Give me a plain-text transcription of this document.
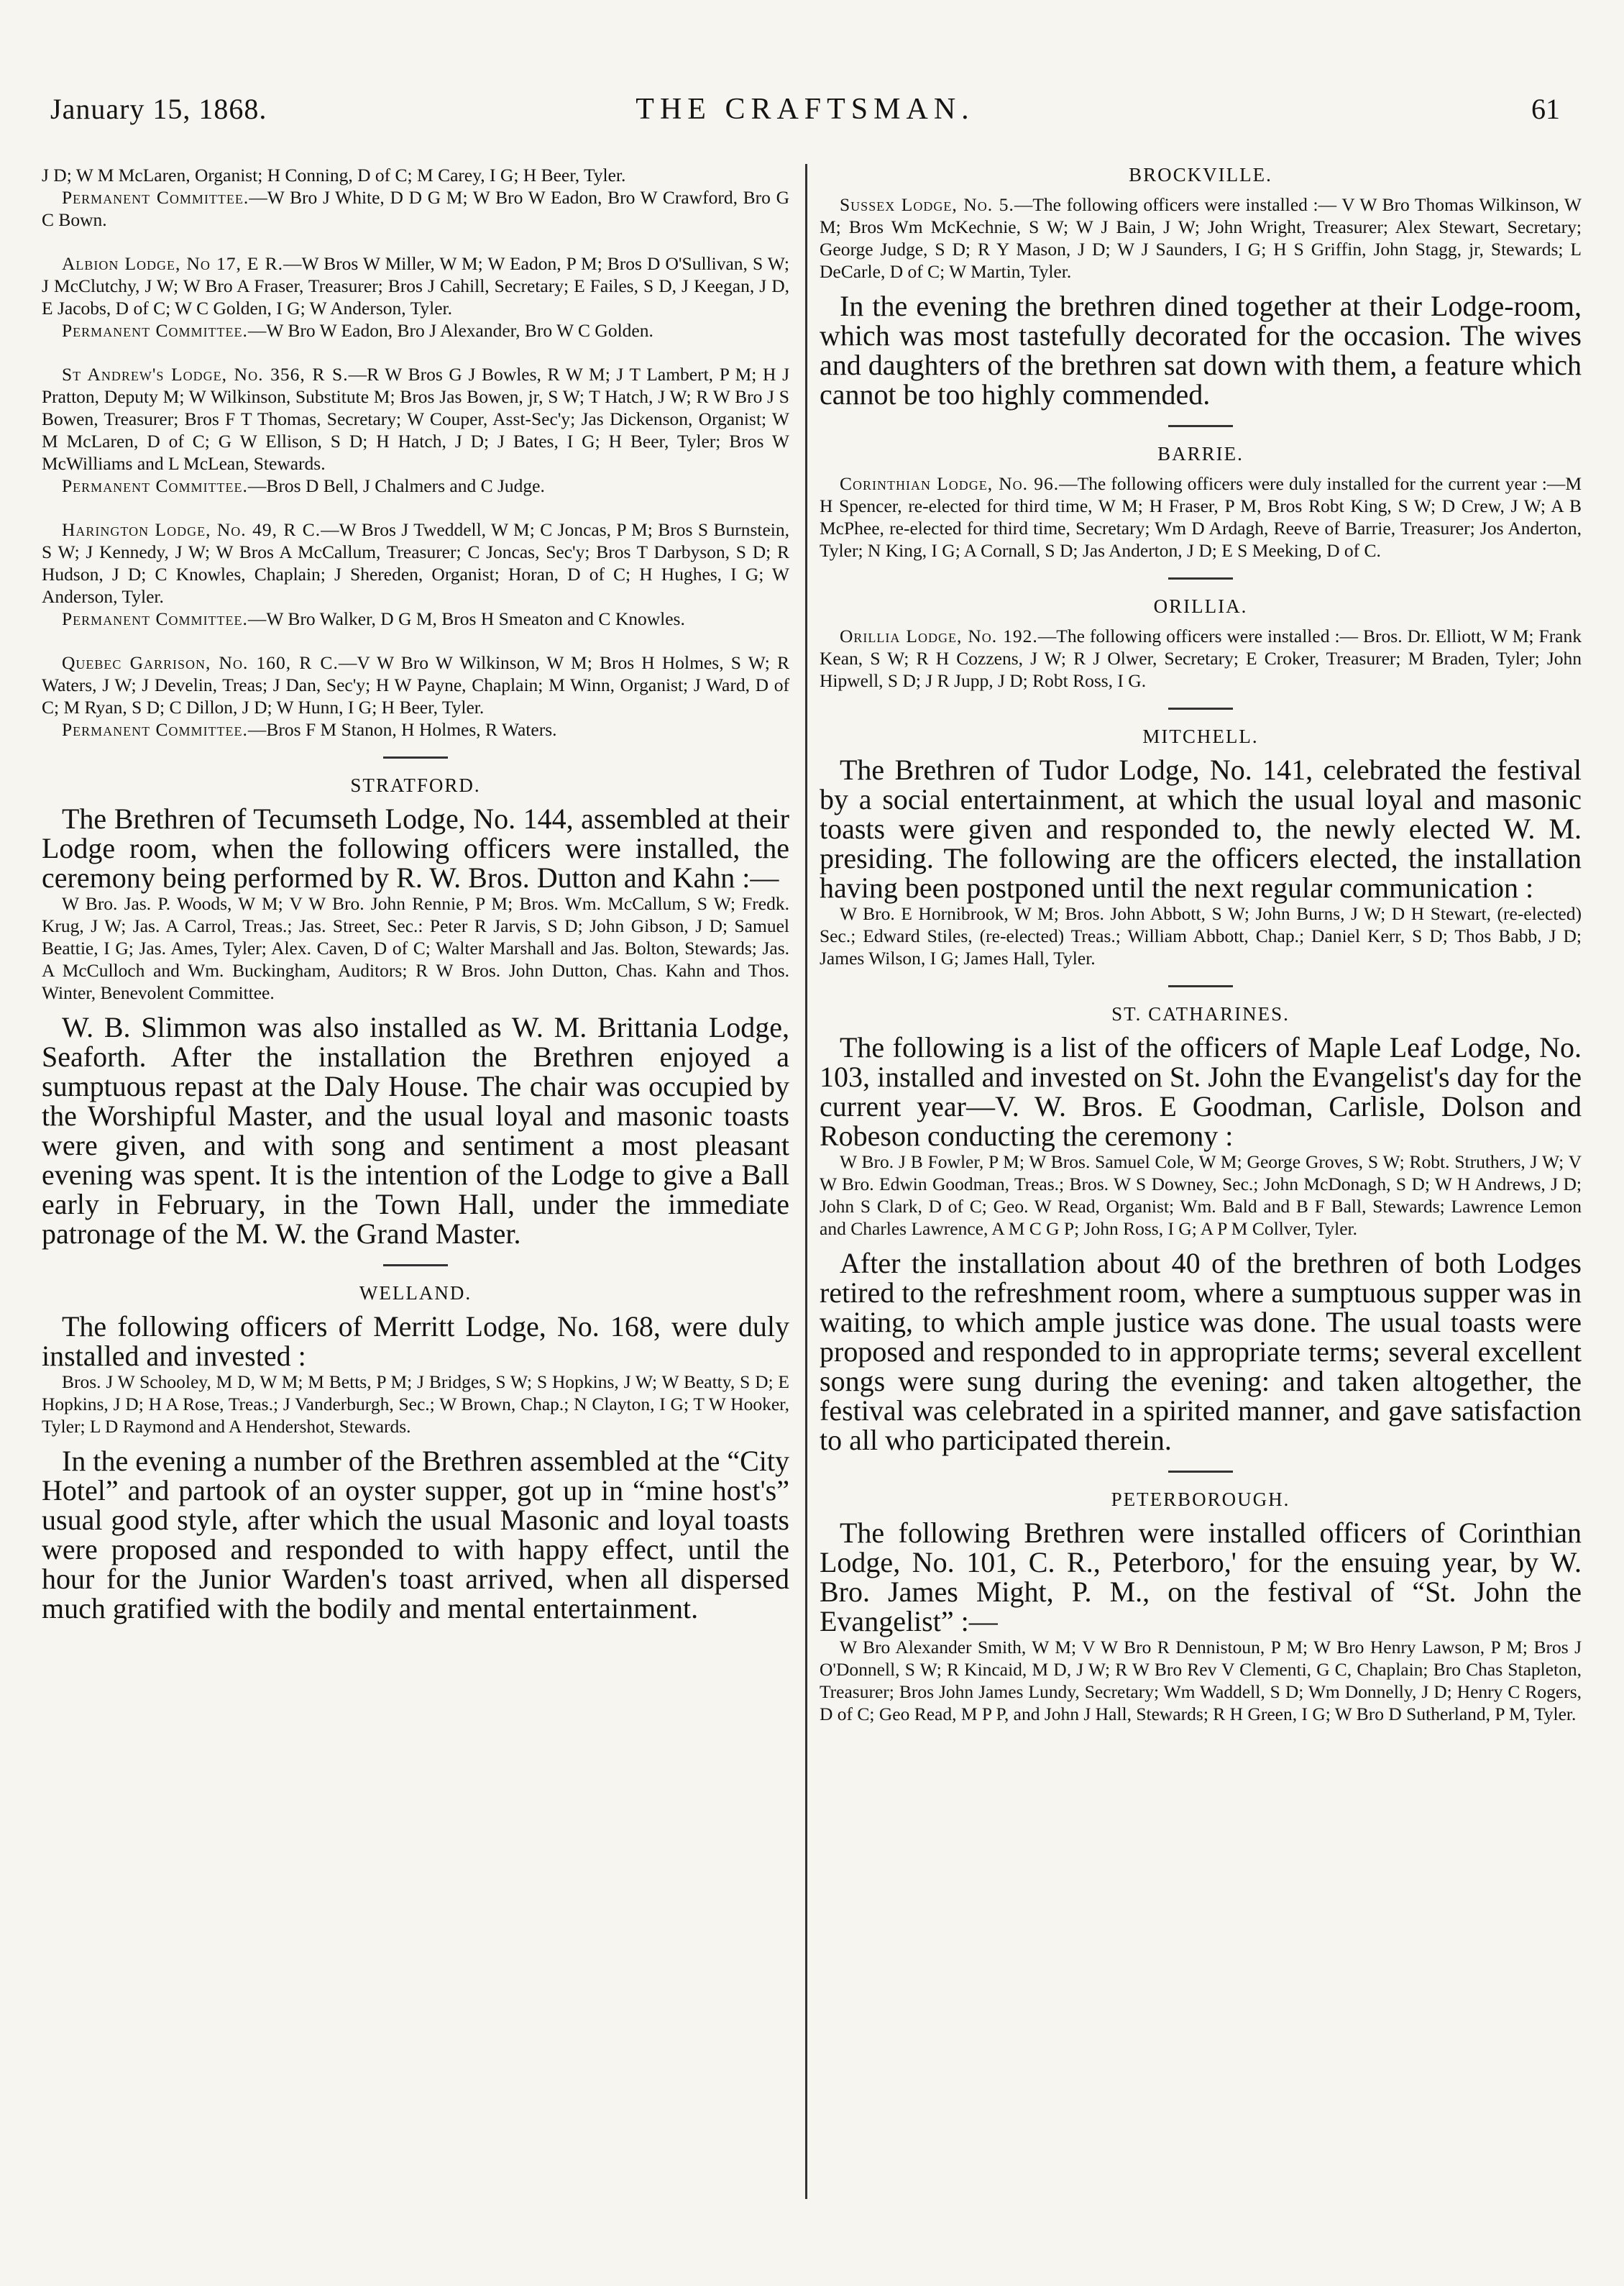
January 15, 1868.	THE CRAFTSMAN.	61

J D; W M McLaren, Organist; H Conning, D of C; M Carey, I G; H Beer, Tyler.

Permanent Committee.—W Bro J White, D D G M; W Bro W Eadon, Bro W Crawford, Bro G C Bown.

Albion Lodge, No 17, E R.—W Bros W Miller, W M; W Eadon, P M; Bros D O'Sullivan, S W; J McClutchy, J W; W Bro A Fraser, Treasurer; Bros J Cahill, Secretary; E Failes, S D, J Keegan, J D, E Jacobs, D of C; W C Golden, I G; W Anderson, Tyler.

Permanent Committee.—W Bro W Eadon, Bro J Alexander, Bro W C Golden.

St Andrew's Lodge, No. 356, R S.—R W Bros G J Bowles, R W M; J T Lambert, P M; H J Pratton, Deputy M; W Wilkinson, Substitute M; Bros Jas Bowen, jr, S W; T Hatch, J W; R W Bro J S Bowen, Treasurer; Bros F T Thomas, Secretary; W Couper, Asst-Sec'y; Jas Dickenson, Organist; W M McLaren, D of C; G W Ellison, S D; H Hatch, J D; J Bates, I G; H Beer, Tyler; Bros W McWilliams and L McLean, Stewards.

Permanent Committee.—Bros D Bell, J Chalmers and C Judge.

Harington Lodge, No. 49, R C.—W Bros J Tweddell, W M; C Joncas, P M; Bros S Burnstein, S W; J Kennedy, J W; W Bros A McCallum, Treasurer; C Joncas, Sec'y; Bros T Darbyson, S D; R Hudson, J D; C Knowles, Chaplain; J Shereden, Organist; Horan, D of C; H Hughes, I G; W Anderson, Tyler.

Permanent Committee.—W Bro Walker, D G M, Bros H Smeaton and C Knowles.

Quebec Garrison, No. 160, R C.—V W Bro W Wilkinson, W M; Bros H Holmes, S W; R Waters, J W; J Develin, Treas; J Dan, Sec'y; H W Payne, Chaplain; M Winn, Organist; J Ward, D of C; M Ryan, S D; C Dillon, J D; W Hunn, I G; H Beer, Tyler.

Permanent Committee.—Bros F M Stanon, H Holmes, R Waters.

STRATFORD.

The Brethren of Tecumseth Lodge, No. 144, assembled at their Lodge room, when the following officers were installed, the ceremony being performed by R. W. Bros. Dutton and Kahn :—

W Bro. Jas. P. Woods, W M; V W Bro. John Rennie, P M; Bros. Wm. McCallum, S W; Fredk. Krug, J W; Jas. A Carrol, Treas.; Jas. Street, Sec.: Peter R Jarvis, S D; John Gibson, J D; Samuel Beattie, I G; Jas. Ames, Tyler; Alex. Caven, D of C; Walter Marshall and Jas. Bolton, Stewards; Jas. A McCulloch and Wm. Buckingham, Auditors; R W Bros. John Dutton, Chas. Kahn and Thos. Winter, Benevolent Committee.

W. B. Slimmon was also installed as W. M. Brittania Lodge, Seaforth. After the installation the Brethren enjoyed a sumptuous repast at the Daly House. The chair was occupied by the Worshipful Master, and the usual loyal and masonic toasts were given, and with song and sentiment a most pleasant evening was spent. It is the intention of the Lodge to give a Ball early in February, in the Town Hall, under the immediate patronage of the M. W. the Grand Master.

WELLAND.

The following officers of Merritt Lodge, No. 168, were duly installed and invested :

Bros. J W Schooley, M D, W M; M Betts, P M; J Bridges, S W; S Hopkins, J W; W Beatty, S D; E Hopkins, J D; H A Rose, Treas.; J Vanderburgh, Sec.; W Brown, Chap.; N Clayton, I G; T W Hooker, Tyler; L D Raymond and A Hendershot, Stewards.

In the evening a number of the Brethren assembled at the “City Hotel” and partook of an oyster supper, got up in “mine host's” usual good style, after which the usual Masonic and loyal toasts were proposed and responded to with happy effect, until the hour for the Junior Warden's toast arrived, when all dispersed much gratified with the bodily and mental entertainment.

BROCKVILLE.

Sussex Lodge, No. 5.—The following officers were installed :— V W Bro Thomas Wilkinson, W M; Bros Wm McKechnie, S W; W J Bain, J W; John Wright, Treasurer; Alex Stewart, Secretary; George Judge, S D; R Y Mason, J D; W J Saunders, I G; H S Griffin, John Stagg, jr, Stewards; L DeCarle, D of C; W Martin, Tyler.

In the evening the brethren dined together at their Lodge-room, which was most tastefully decorated for the occasion. The wives and daughters of the brethren sat down with them, a feature which cannot be too highly commended.

BARRIE.

Corinthian Lodge, No. 96.—The following officers were duly installed for the current year :—M H Spencer, re-elected for third time, W M; H Fraser, P M, Bros Robt King, S W; D Crew, J W; A B McPhee, re-elected for third time, Secretary; Wm D Ardagh, Reeve of Barrie, Treasurer; Jos Anderton, Tyler; N King, I G; A Cornall, S D; Jas Anderton, J D; E S Meeking, D of C.

ORILLIA.

Orillia Lodge, No. 192.—The following officers were installed :— Bros. Dr. Elliott, W M; Frank Kean, S W; R H Cozzens, J W; R J Olwer, Secretary; E Croker, Treasurer; M Braden, Tyler; John Hipwell, S D; J R Jupp, J D; Robt Ross, I G.

MITCHELL.

The Brethren of Tudor Lodge, No. 141, celebrated the festival by a social entertainment, at which the usual loyal and masonic toasts were given and responded to, the newly elected W. M. presiding. The following are the officers elected, the installation having been postponed until the next regular communication :

W Bro. E Hornibrook, W M; Bros. John Abbott, S W; John Burns, J W; D H Stewart, (re-elected) Sec.; Edward Stiles, (re-elected) Treas.; William Abbott, Chap.; Daniel Kerr, S D; Thos Babb, J D; James Wilson, I G; James Hall, Tyler.

ST. CATHARINES.

The following is a list of the officers of Maple Leaf Lodge, No. 103, installed and invested on St. John the Evangelist's day for the current year—V. W. Bros. E Goodman, Carlisle, Dolson and Robeson conducting the ceremony :

W Bro. J B Fowler, P M; W Bros. Samuel Cole, W M; George Groves, S W; Robt. Struthers, J W; V W Bro. Edwin Goodman, Treas.; Bros. W S Downey, Sec.; John McDonagh, S D; W H Andrews, J D; John S Clark, D of C; Geo. W Read, Organist; Wm. Bald and B F Ball, Stewards; Lawrence Lemon and Charles Lawrence, A M C G P; John Ross, I G; A P M Collver, Tyler.

After the installation about 40 of the brethren of both Lodges retired to the refreshment room, where a sumptuous supper was in waiting, to which ample justice was done. The usual toasts were proposed and responded to in appropriate terms; several excellent songs were sung during the evening: and taken altogether, the festival was celebrated in a spirited manner, and gave satisfaction to all who participated therein.

PETERBOROUGH.

The following Brethren were installed officers of Corinthian Lodge, No. 101, C. R., Peterboro,' for the ensuing year, by W. Bro. James Might, P. M., on the festival of “St. John the Evangelist” :—

W Bro Alexander Smith, W M; V W Bro R Dennistoun, P M; W Bro Henry Lawson, P M; Bros J O'Donnell, S W; R Kincaid, M D, J W; R W Bro Rev V Clementi, G C, Chaplain; Bro Chas Stapleton, Treasurer; Bros John James Lundy, Secretary; Wm Waddell, S D; Wm Donnelly, J D; Henry C Rogers, D of C; Geo Read, M P P, and John J Hall, Stewards; R H Green, I G; W Bro D Sutherland, P M, Tyler.
